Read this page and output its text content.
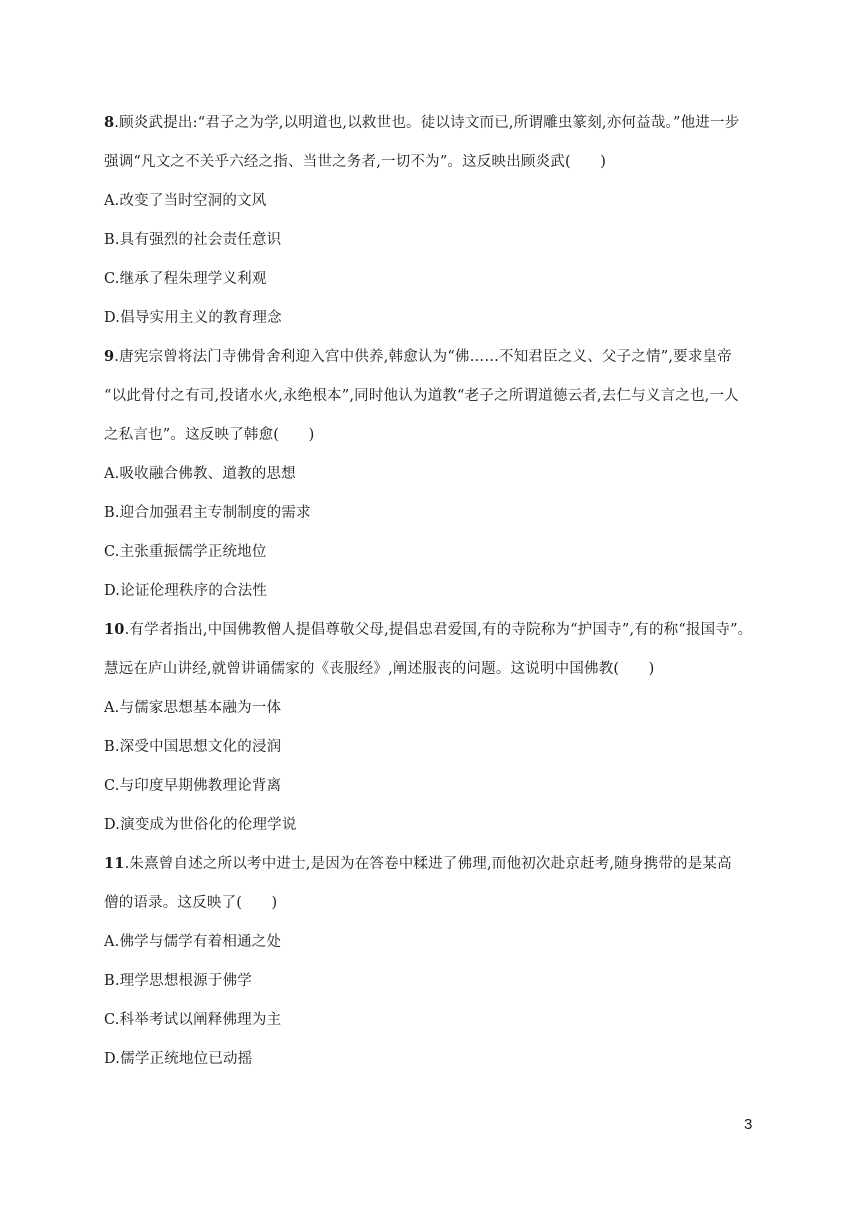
8.顾炎武提出:“君子之为学,以明道也,以救世也。徒以诗文而已,所谓雕虫篆刻,亦何益哉。”他进一步
强调“凡文之不关乎六经之指、当世之务者,一切不为”。这反映出顾炎武(　　)
A.改变了当时空洞的文风
B.具有强烈的社会责任意识
C.继承了程朱理学义利观
D.倡导实用主义的教育理念
9.唐宪宗曾将法门寺佛骨舍利迎入宫中供养,韩愈认为“佛……不知君臣之义、父子之情”,要求皇帝
“以此骨付之有司,投诸水火,永绝根本”,同时他认为道教“老子之所谓道德云者,去仁与义言之也,一人
之私言也”。这反映了韩愈(　　)
A.吸收融合佛教、道教的思想
B.迎合加强君主专制制度的需求
C.主张重振儒学正统地位
D.论证伦理秩序的合法性
10.有学者指出,中国佛教僧人提倡尊敬父母,提倡忠君爱国,有的寺院称为“护国寺”,有的称“报国寺”。
慧远在庐山讲经,就曾讲诵儒家的《丧服经》,阐述服丧的问题。这说明中国佛教(　　)
A.与儒家思想基本融为一体
B.深受中国思想文化的浸润
C.与印度早期佛教理论背离
D.演变成为世俗化的伦理学说
11.朱熹曾自述之所以考中进士,是因为在答卷中糅进了佛理,而他初次赴京赶考,随身携带的是某高
僧的语录。这反映了(　　)
A.佛学与儒学有着相通之处
B.理学思想根源于佛学
C.科举考试以阐释佛理为主
D.儒学正统地位已动摇
3
